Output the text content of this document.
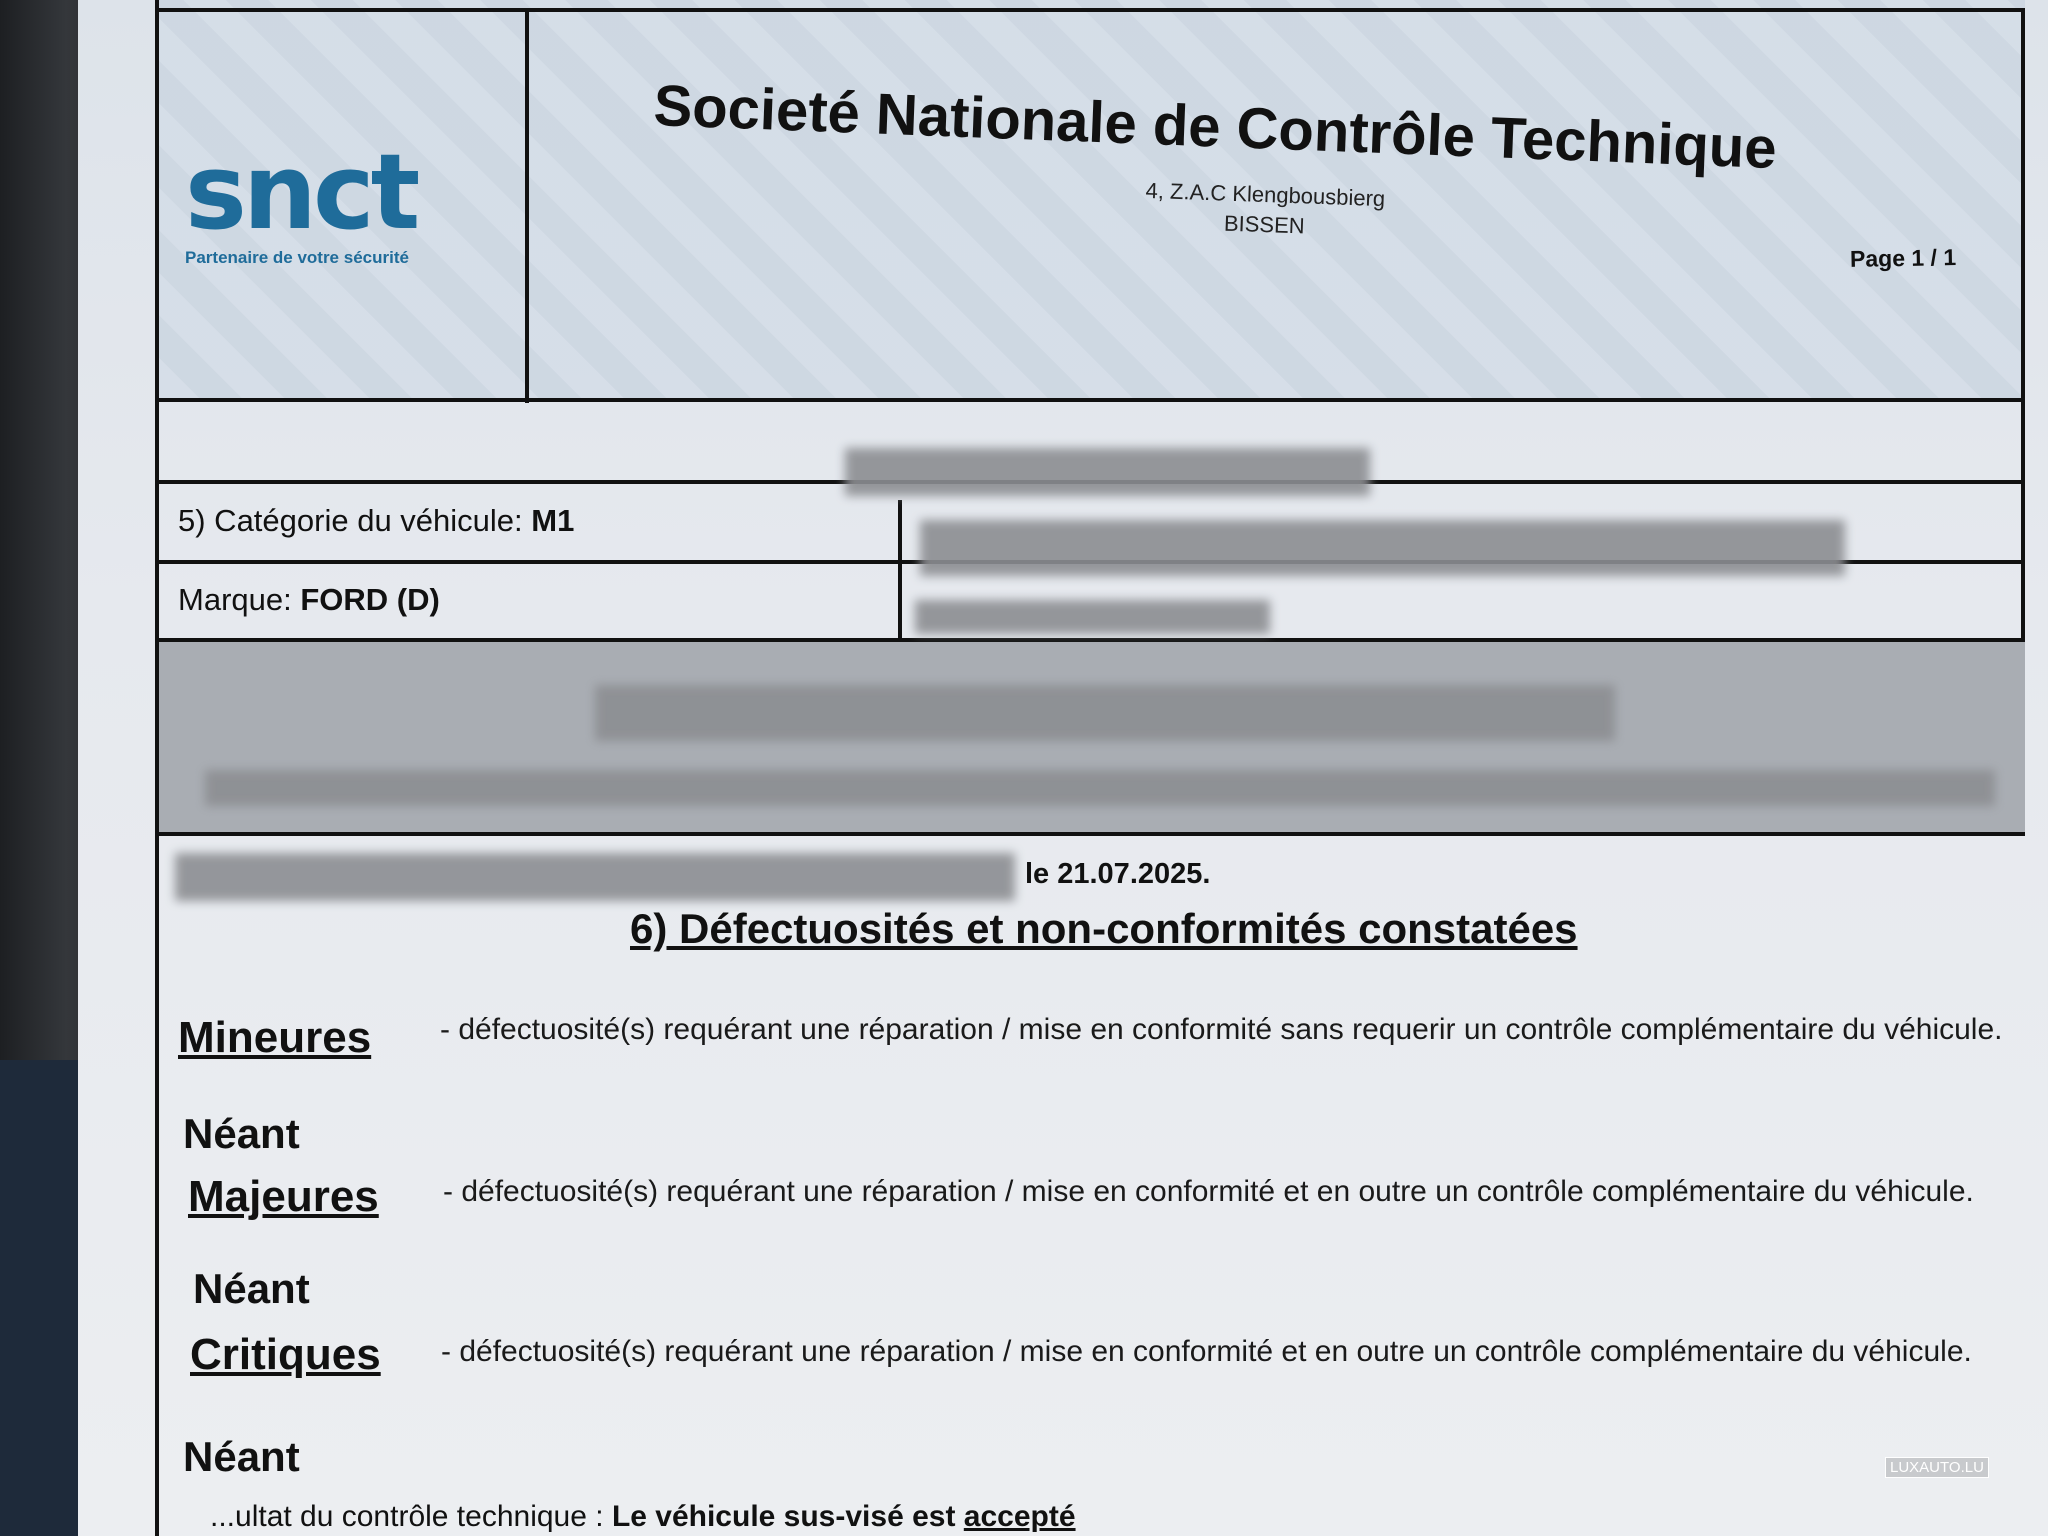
snct
Partenaire de votre sécurité
Societé Nationale de Contrôle Technique
4, Z.A.C Klengbousbierg
BISSEN
Page 1 / 1
5) Catégorie du véhicule: M1
Marque: FORD (D)
le 21.07.2025.
6) Défectuosités et non-conformités constatées
Mineures - défectuosité(s) requérant une réparation / mise en conformité sans requerir un contrôle complémentaire du véhicule.
Néant
Majeures - défectuosité(s) requérant une réparation / mise en conformité et en outre un contrôle complémentaire du véhicule.
Néant
Critiques - défectuosité(s) requérant une réparation / mise en conformité et en outre un contrôle complémentaire du véhicule.
Néant
...ultat du contrôle technique : Le véhicule sus-visé est accepté
LUXAUTO.LU
